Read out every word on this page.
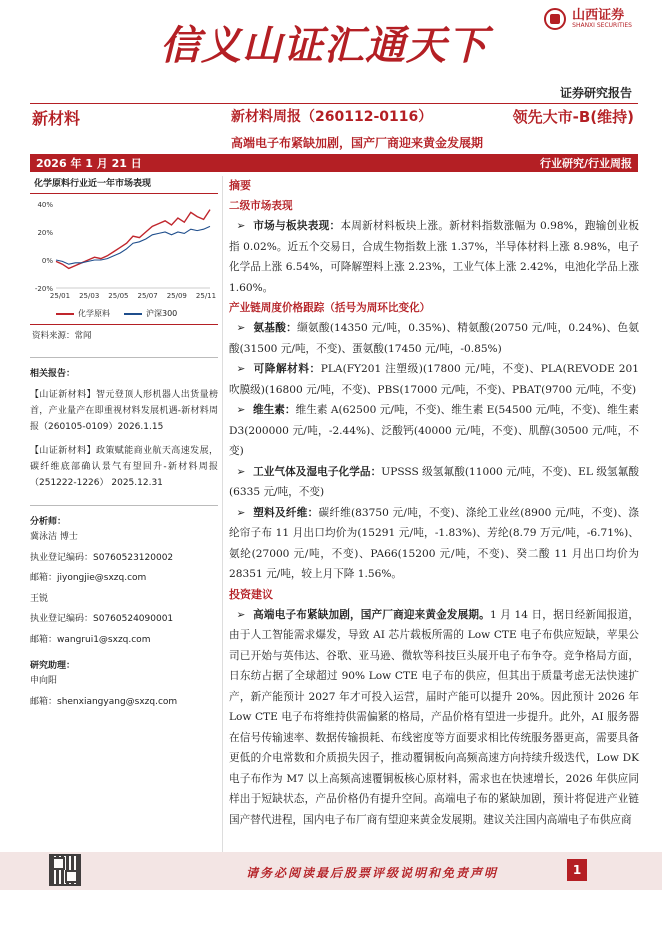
信义山证汇通天下
山西证券
SHANXI SECURITIES
证券研究报告
新材料	新材料周报（260112-0116）	领先大市-B(维持)
高端电子布紧缺加剧，国产厂商迎来黄金发展期
2026 年 1 月 21 日	行业研究/行业周报
化学原料行业近一年市场表现
40%
20%
0%
-20%
25/01 25/03 25/05 25/07 25/09 25/11
化学原料	沪深300
资料来源：常闻
相关报告：
【山证新材料】智元登顶人形机器人出货量榜首，产业量产在即重视材料发展机遇-新材料周报（260105-0109）2026.1.15
【山证新材料】政策赋能商业航天高速发展，碳纤维底部确认景气有望回升-新材料周报（251222-1226） 2025.12.31
分析师：
冀泳洁 博士
执业登记编码：S0760523120002
邮箱：jiyongjie@sxzq.com
王锐
执业登记编码：S0760524090001
邮箱：wangrui1@sxzq.com
研究助理：
申向阳
邮箱：shenxiangyang@sxzq.com
摘要
二级市场表现

➢ 市场与板块表现：本周新材料板块上涨。新材料指数涨幅为 0.98%，跑输创业板指 0.02%。近五个交易日，合成生物指数上涨 1.37%，半导体材料上涨 8.98%，电子化学品上涨 6.54%，可降解塑料上涨 2.23%，工业气体上涨 2.42%，电池化学品上涨 1.60%。

产业链周度价格跟踪（括号为周环比变化）

➢ 氨基酸：缬氨酸(14350 元/吨，0.35%)、精氨酸(20750 元/吨，0.24%)、色氨酸(31500 元/吨，不变)、蛋氨酸(17450 元/吨，-0.85%)

➢ 可降解材料：PLA(FY201 注塑级)(17800 元/吨，不变)、PLA(REVODE 201 吹膜级)(16800 元/吨，不变)、PBS(17000 元/吨，不变)、PBAT(9700 元/吨，不变)

➢ 维生素：维生素 A(62500 元/吨，不变)、维生素 E(54500 元/吨，不变)、维生素 D3(200000 元/吨，-2.44%)、泛酸钙(40000 元/吨，不变)、肌醇(30500 元/吨，不变)

➢ 工业气体及湿电子化学品：UPSSS 级氢氟酸(11000 元/吨，不变)、EL 级氢氟酸(6335 元/吨，不变)

➢ 塑料及纤维：碳纤维(83750 元/吨，不变)、涤纶工业丝(8900 元/吨，不变)、涤纶帘子布 11 月出口均价为(15291 元/吨，-1.83%)、芳纶(8.79 万元/吨，-6.71%)、氨纶(27000 元/吨，不变)、PA66(15200 元/吨，不变)、癸二酸 11 月出口均价为 28351 元/吨，较上月下降 1.56%。

投资建议

➢ 高端电子布紧缺加剧，国产厂商迎来黄金发展期。1 月 14 日，据日经新闻报道，由于人工智能需求爆发，导致 AI 芯片载板所需的 Low CTE 电子布供应短缺，苹果公司已开始与英伟达、谷歌、亚马逊、微软等科技巨头展开电子布争夺。竞争格局方面，日东纺占据了全球超过 90% Low CTE 电子布的供应，但其出于质量考虑无法快速扩产，新产能预计 2027 年才可投入运营，届时产能可以提升 20%。因此预计 2026 年 Low CTE 电子布将维持供需偏紧的格局，产品价格有望进一步提升。此外，AI 服务器在信号传输速率、数据传输损耗、布线密度等方面要求相比传统服务器更高，需要具备更低的介电常数和介质损失因子，推动覆铜板向高频高速方向持续升级迭代，Low DK 电子布作为 M7 以上高频高速覆铜板核心原材料，需求也在快速增长，2026 年供应同样出于短缺状态，产品价格仍有提升空间。高端电子布的紧缺加剧，预计将促进产业链国产替代进程，国内电子布厂商有望迎来黄金发展期。建议关注国内高端电子布供应商

请务必阅读最后股票评级说明和免责声明	1
